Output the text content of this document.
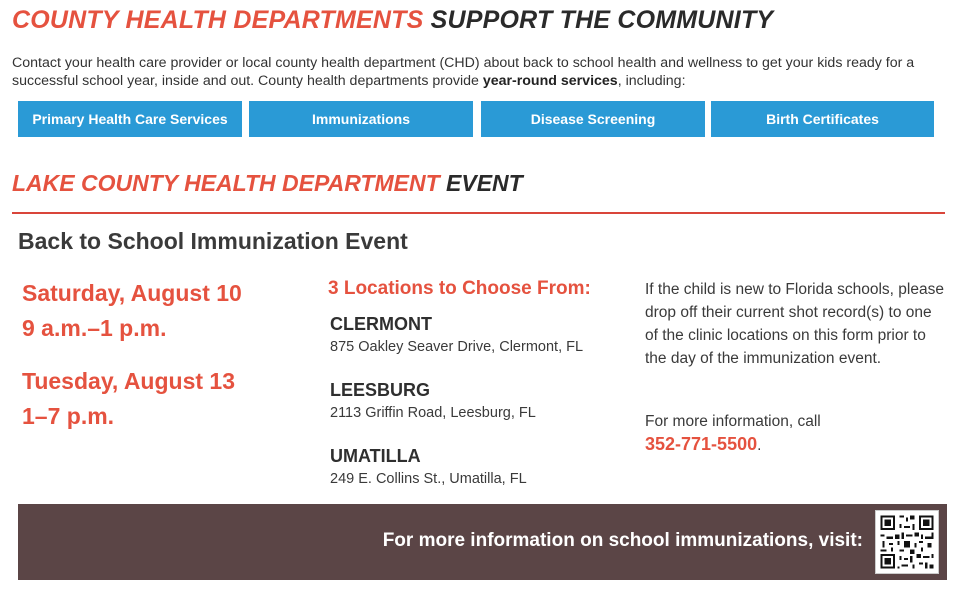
COUNTY HEALTH DEPARTMENTS SUPPORT THE COMMUNITY
Contact your health care provider or local county health department (CHD) about back to school health and wellness to get your kids ready for a successful school year, inside and out. County health departments provide year-round services, including:
Primary Health Care Services	Immunizations	Disease Screening	Birth Certificates
LAKE COUNTY HEALTH DEPARTMENT EVENT
Back to School Immunization Event
Saturday, August 10
9 a.m.–1 p.m.
Tuesday, August 13
1–7 p.m.
3 Locations to Choose From:
CLERMONT
875 Oakley Seaver Drive, Clermont, FL
LEESBURG
2113 Griffin Road, Leesburg, FL
UMATILLA
249 E. Collins St., Umatilla, FL
If the child is new to Florida schools, please drop off their current shot record(s) to one of the clinic locations on this form prior to the day of the immunization event.
For more information, call
352-771-5500.
For more information on school immunizations, visit:
